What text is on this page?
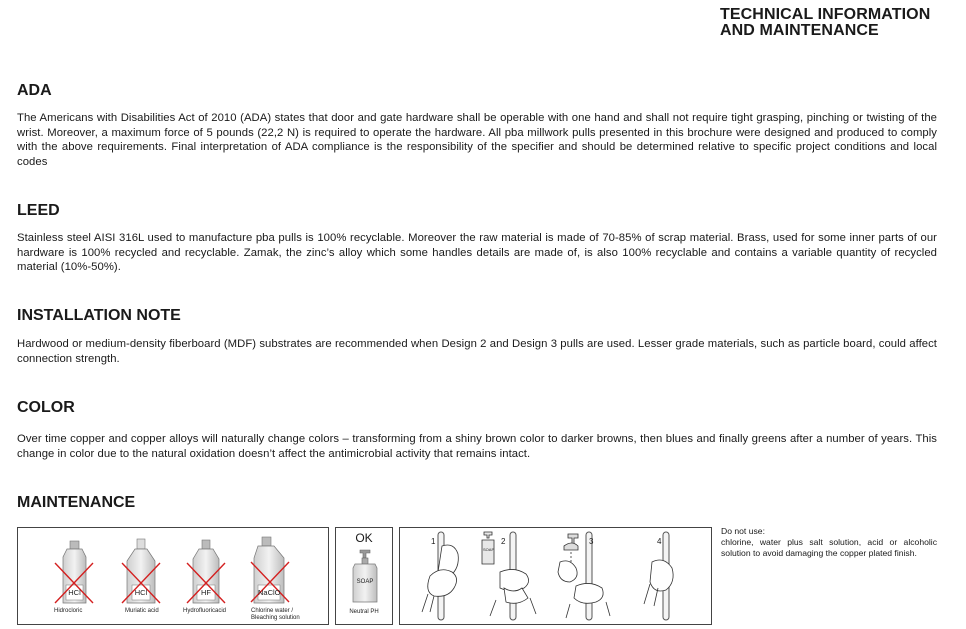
TECHNICAL INFORMATION
AND MAINTENANCE
ADA

The Americans with Disabilities Act of 2010 (ADA) states that door and gate hardware shall be operable with one hand and shall not require tight grasping, pinching or twisting of the wrist. Moreover, a maximum force of 5 pounds (22,2 N) is required to operate the hardware. All pba millwork pulls presented in this brochure were designed and produced to comply with the above requirements. Final interpretation of ADA compliance is the responsibility of the specifier and should be determined relative to specific project conditions and local codes

LEED

Stainless steel AISI 316L used to manufacture pba pulls is 100% recyclable. Moreover the raw material is made of 70-85% of scrap material. Brass, used for some inner parts of our hardware is 100% recycled and recyclable. Zamak, the zinc’s alloy which some handles details are made of, is also 100% recyclable and contains a variable quantity of recycled material (10%-50%).

INSTALLATION NOTE

Hardwood or medium-density fiberboard (MDF) substrates are recommended when Design 2 and Design 3 pulls are used. Lesser grade materials, such as particle board, could affect connection strength.

COLOR

Over time copper and copper alloys will naturally change colors – transforming from a shiny brown color to darker browns, then blues and finally greens after a number of years. This change in color due to the natural oxidation doesn’t affect the antimicrobial activity that remains intact.

MAINTENANCE
HCl	HCl	HF	NaClO
Hidrocloric	Muriatic acid	Hydrofluoricacid	Chlorine water /
Bleaching solution
OK
SOAP
Neutral PH
1	2
SOAP
3	4
Do not use:
chlorine, water plus salt solution, acid or alcoholic solution to avoid damaging the copper plated finish.
